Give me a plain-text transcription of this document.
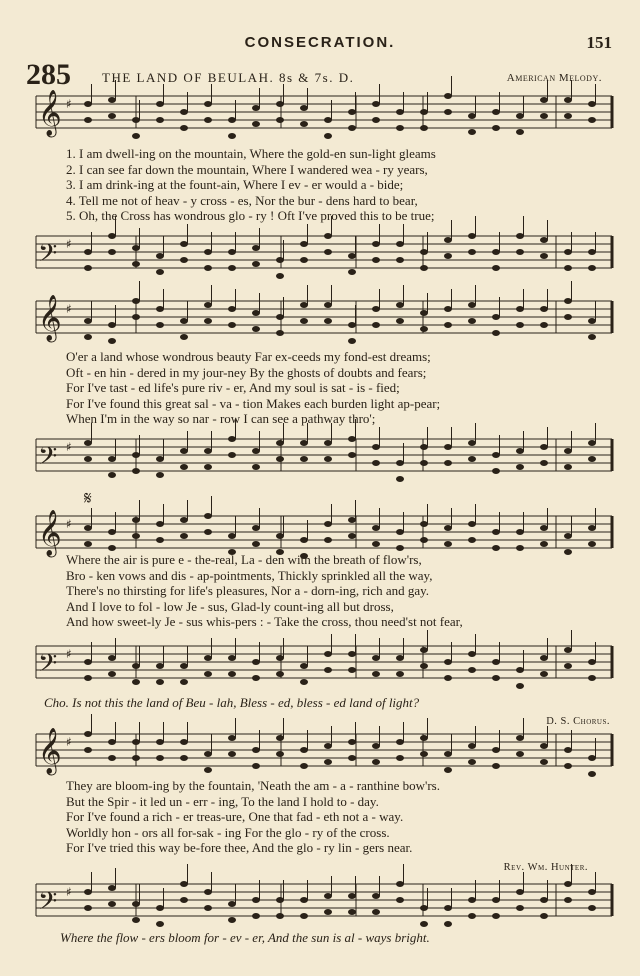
CONSECRATION.	151
285 THE LAND OF BEULAH. 8s & 7s. D.	American Melody.
𝄞 ♯
1. I am dwell-ing on the mountain, Where the gold-en sun-light gleams
2. I can see far down the mountain, Where I wandered wea - ry years,
3. I am drink-ing at the fount-ain, Where I ev - er would a - bide;
4. Tell me not of heav - y cross - es, Nor the bur - dens hard to bear,
5. Oh, the Cross has wondrous glo - ry ! Oft I've proved this to be true;
𝄢 ♯
𝄞 ♯
O'er a land whose wondrous beauty Far ex-ceeds my fond-est dreams;
Oft - en hin - dered in my jour-ney By the ghosts of doubts and fears;
For I've tast - ed life's pure riv - er, And my soul is sat - is - fied;
For I've found this great sal - va - tion Makes each burden light ap-pear;
When I'm in the way so nar - row I can see a pathway thro';
𝄢 ♯
𝄋
𝄞 ♯
Where the air is pure e - the-real, La - den with the breath of flow'rs,
Bro - ken vows and dis - ap-pointments, Thickly sprinkled all the way,
There's no thirsting for life's pleasures, Nor a - dorn-ing, rich and gay.
And I love to fol - low Je - sus, Glad-ly count-ing all but dross,
And how sweet-ly Je - sus whis-pers : - Take the cross, thou need'st not fear,
𝄢 ♯
Cho. Is not this the land of Beu - lah, Bless - ed, bless - ed land of light?
D. S. Chorus.
𝄞 ♯
They are bloom-ing by the fountain, 'Neath the am - a - ranthine bow'rs.
But the Spir - it led un - err - ing, To the land I hold to - day.
For I've found a rich - er treas-ure, One that fad - eth not a - way.
Worldly hon - ors all for-sak - ing For the glo - ry of the cross.
For I've tried this way be-fore thee, And the glo - ry lin - gers near.
Rev. Wm. Hunter.
𝄢 ♯
Where the flow - ers bloom for - ev - er, And the sun is al - ways bright.
